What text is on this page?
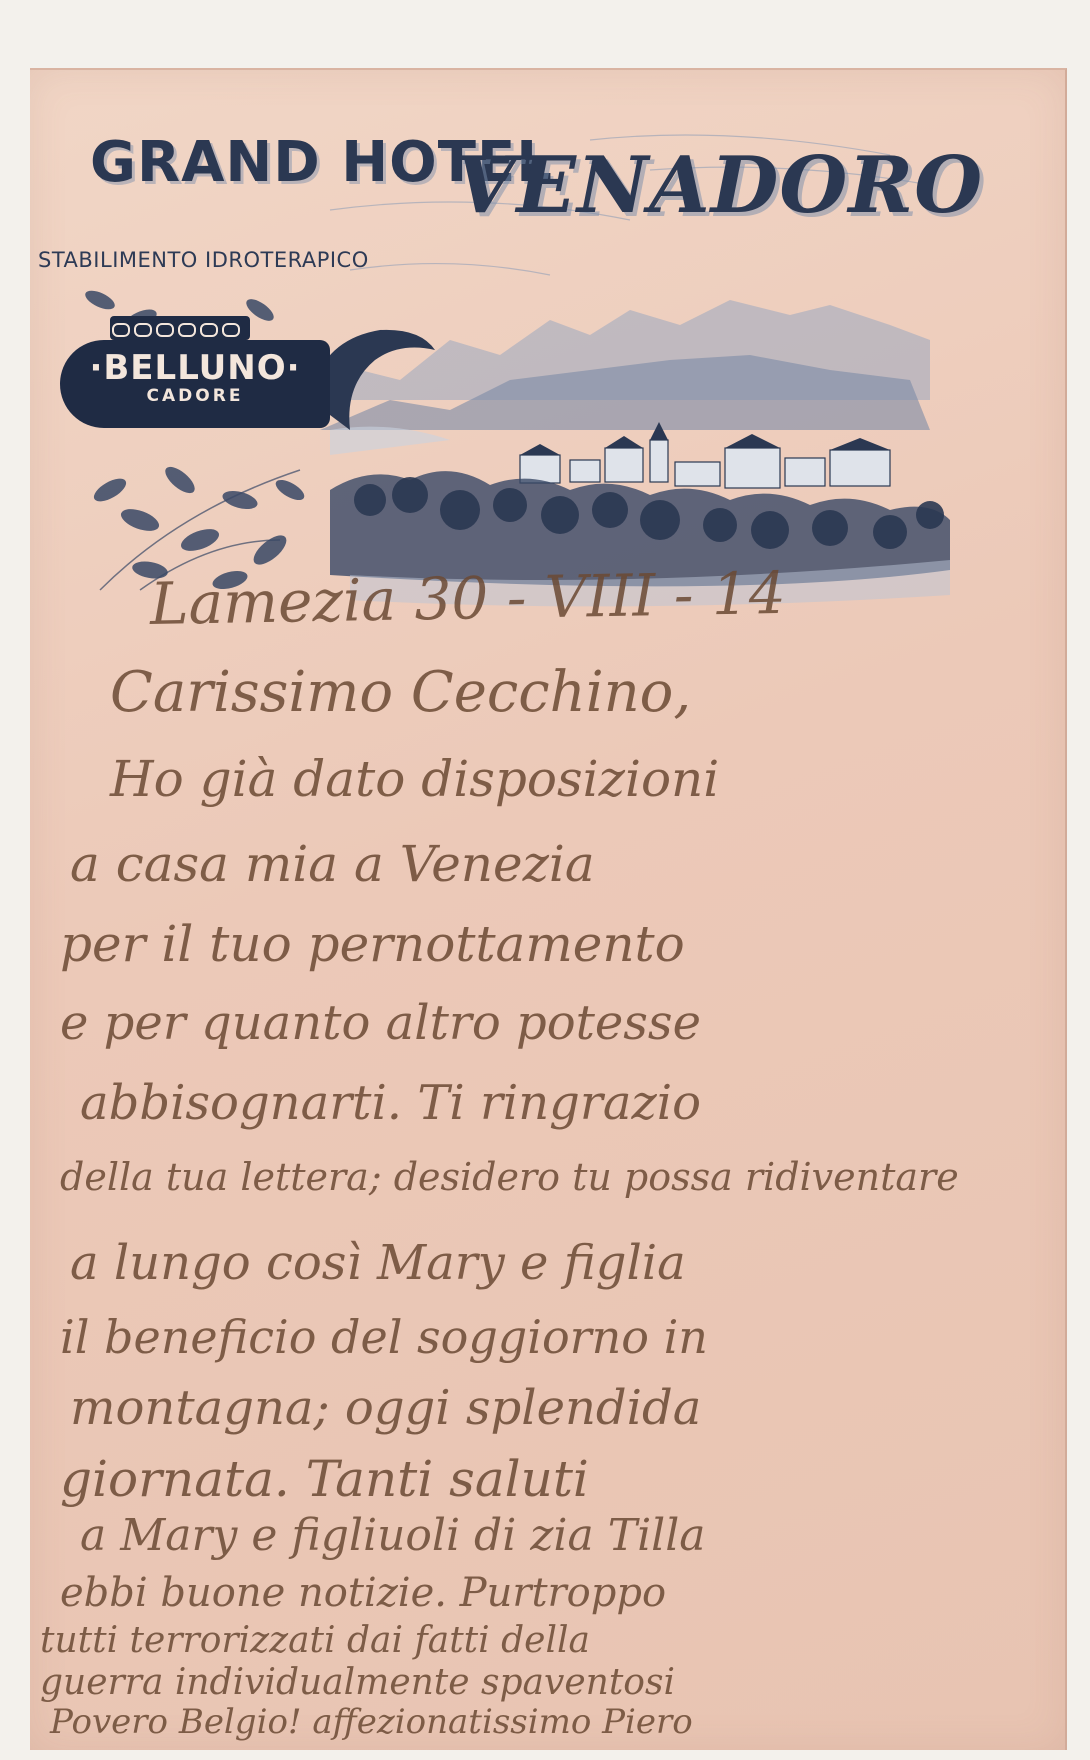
GRAND HOTEL
VENADORO
STABILIMENTO IDROTERAPICO
·BELLUNO·
CADORE
Lamezia 30 - VIII - 14
Carissimo Cecchino,
Ho già dato disposizioni
a casa mia a Venezia
per il tuo pernottamento
e per quanto altro potesse
abbisognarti. Ti ringrazio
della tua lettera; desidero tu possa ridiventare
a lungo così Mary e figlia
il beneficio del soggiorno in
montagna; oggi splendida
giornata. Tanti saluti
a Mary e figliuoli di zia Tilla
ebbi buone notizie. Purtroppo
tutti terrorizzati dai fatti della
guerra individualmente spaventosi
Povero Belgio! affezionatissimo Piero
